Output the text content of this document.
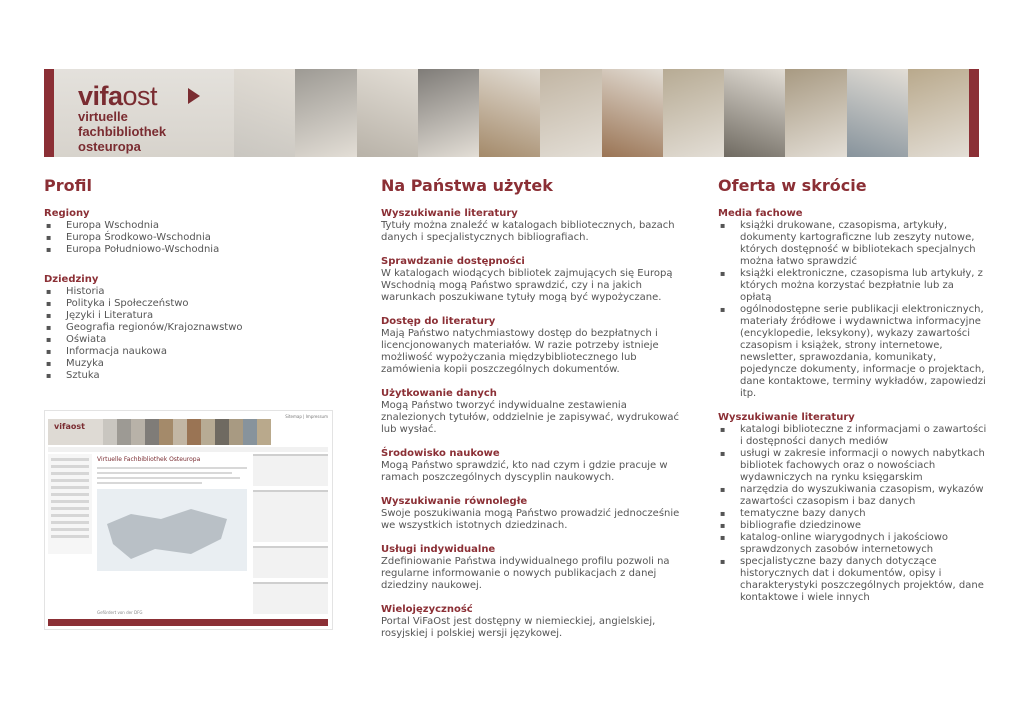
vifaost
virtuelle
fachbibliothek
osteuropa
Profil
Regiony
▪ Europa Wschodnia
▪ Europa Środkowo-Wschodnia
▪ Europa Południowo-Wschodnia
Dziedziny
▪ Historia
▪ Polityka i Społeczeństwo
▪ Języki i Literatura
▪ Geografia regionów/Krajoznawstwo
▪ Oświata
▪ Informacja naukowa
▪ Muzyka
▪ Sztuka
Sitemap | Impressum
vifaost
Virtuelle Fachbibliothek Osteuropa
Gefördert von der DFG
Na Państwa użytek
Wyszukiwanie literatury

Tytuły można znaleźć w katalogach bibliotecznych, bazach danych i specjalistycznych bibliografiach.

Sprawdzanie dostępności

W katalogach wiodących bibliotek zajmujących się Europą Wschodnią mogą Państwo sprawdzić, czy i na jakich warunkach poszukiwane tytuły mogą być wypożyczane.

Dostęp do literatury

Mają Państwo natychmiastowy dostęp do bezpłatnych i licencjonowanych materiałów. W razie potrzeby istnieje możliwość wypożyczania międzybibliotecznego lub zamówienia kopii poszczególnych dokumentów.

Użytkowanie danych

Mogą Państwo tworzyć indywidualne zestawienia znalezionych tytułów, oddzielnie je zapisywać, wydrukować lub wysłać.

Środowisko naukowe

Mogą Państwo sprawdzić, kto nad czym i gdzie pracuje w ramach poszczególnych dyscyplin naukowych.

Wyszukiwanie równoległe

Swoje poszukiwania mogą Państwo prowadzić jednocześnie we wszystkich istotnych dziedzinach.

Usługi indywidualne

Zdefiniowanie Państwa indywidualnego profilu pozwoli na regularne informowanie o nowych publikacjach z danej dziedziny naukowej.

Wielojęzyczność

Portal ViFaOst jest dostępny w niemieckiej, angielskiej, rosyjskiej i polskiej wersji językowej.

Oferta w skrócie
Media fachowe
▪ książki drukowane, czasopisma, artykuły, dokumenty kartograficzne lub zeszyty nutowe, których dostępność w bibliotekach specjalnych można łatwo sprawdzić
▪ książki elektroniczne, czasopisma lub artykuły, z których można korzystać bezpłatnie lub za opłatą
▪ ogólnodostępne serie publikacji elektronicznych, materiały źródłowe i wydawnictwa informacyjne (encyklopedie, leksykony), wykazy zawartości czasopism i książek, strony internetowe, newsletter, sprawozdania, komunikaty, pojedyncze dokumenty, informacje o projektach, dane kontaktowe, terminy wykładów, zapowiedzi itp.
Wyszukiwanie literatury
▪ katalogi biblioteczne z informacjami o zawartości i dostępności danych mediów
▪ usługi w zakresie informacji o nowych nabytkach bibliotek fachowych oraz o nowościach wydawniczych na rynku księgarskim
▪ narzędzia do wyszukiwania czasopism, wykazów zawartości czasopism i baz danych
▪ tematyczne bazy danych
▪ bibliografie dziedzinowe
▪ katalog-online wiarygodnych i jakościowo sprawdzonych zasobów internetowych
▪ specjalistyczne bazy danych dotyczące historycznych dat i dokumentów, opisy i charakterystyki poszczególnych projektów, dane kontaktowe i wiele innych
